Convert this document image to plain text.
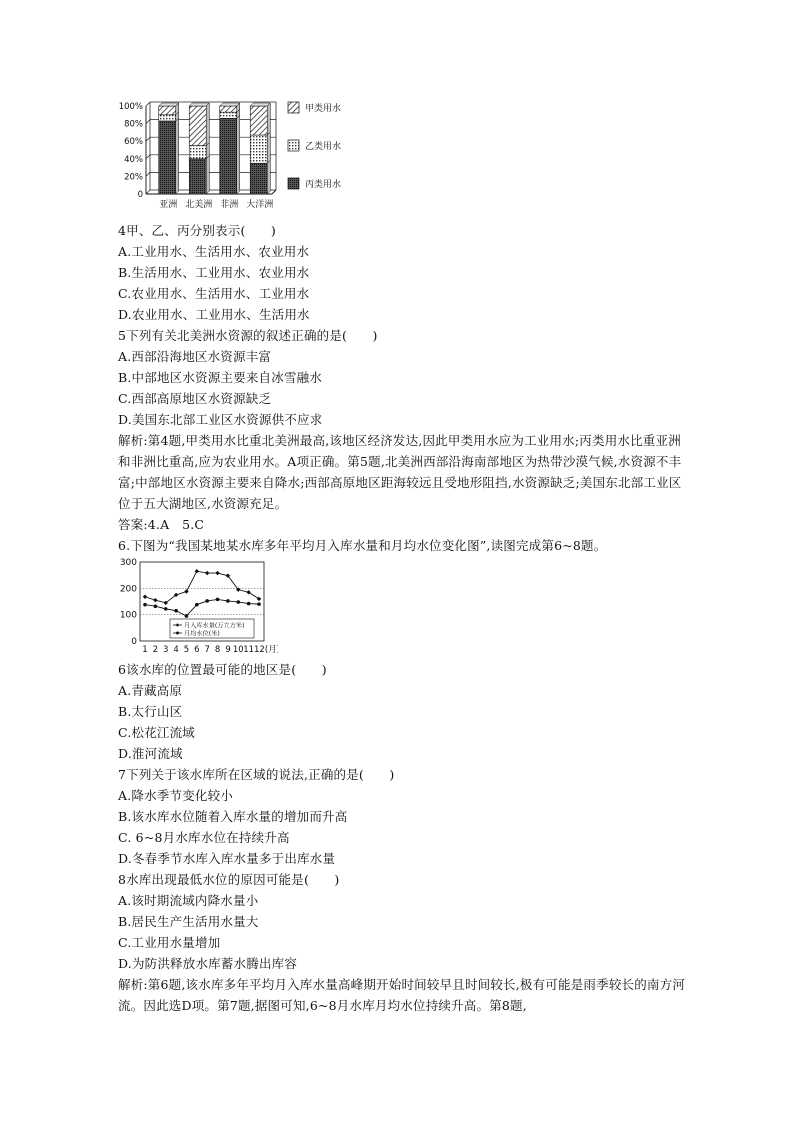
0
20%
40%
60%
80%
100%
亚洲 北美洲 非洲 大洋洲
甲类用水
乙类用水
丙类用水
4甲、乙、丙分别表示(　　)
A.工业用水、生活用水、农业用水
B.生活用水、工业用水、农业用水
C.农业用水、生活用水、工业用水
D.农业用水、工业用水、生活用水
5下列有关北美洲水资源的叙述正确的是(　　)
A.西部沿海地区水资源丰富
B.中部地区水资源主要来自冰雪融水
C.西部高原地区水资源缺乏
D.美国东北部工业区水资源供不应求
解析:第4题,甲类用水比重北美洲最高,该地区经济发达,因此甲类用水应为工业用水;丙类用水比重亚洲和非洲比重高,应为农业用水。A项正确。第5题,北美洲西部沿海南部地区为热带沙漠气候,水资源不丰富;中部地区水资源主要来自降水;西部高原地区距海较远且受地形阻挡,水资源缺乏;美国东北部工业区位于五大湖地区,水资源充足。
答案:4.A　5.C
6.下图为“我国某地某水库多年平均月入库水量和月均水位变化图”,读图完成第6~8题。
0
100
200
300
1 2 3 4 5 6 7 8 9 10 11 12(月)
月入库水量(万立方米)
月均水位(米)
6该水库的位置最可能的地区是(　　)
A.青藏高原
B.太行山区
C.松花江流域
D.淮河流域
7下列关于该水库所在区域的说法,正确的是(　　)
A.降水季节变化较小
B.该水库水位随着入库水量的增加而升高
C. 6~8月水库水位在持续升高
D.冬春季节水库入库水量多于出库水量
8水库出现最低水位的原因可能是(　　)
A.该时期流域内降水量小
B.居民生产生活用水量大
C.工业用水量增加
D.为防洪释放水库蓄水腾出库容
解析:第6题,该水库多年平均月入库水量高峰期开始时间较早且时间较长,极有可能是雨季较长的南方河流。因此选D项。第7题,据图可知,6~8月水库月均水位持续升高。第8题,
